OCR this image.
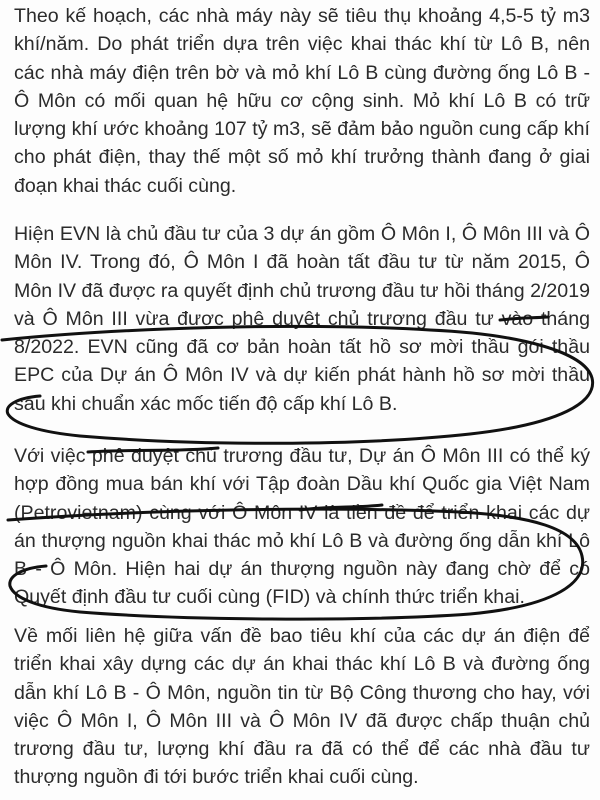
Theo kế hoạch, các nhà máy này sẽ tiêu thụ khoảng 4,5-5 tỷ m3 khí/năm. Do phát triển dựa trên việc khai thác khí từ Lô B, nên các nhà máy điện trên bờ và mỏ khí Lô B cùng đường ống Lô B - Ô Môn có mối quan hệ hữu cơ cộng sinh. Mỏ khí Lô B có trữ lượng khí ước khoảng 107 tỷ m3, sẽ đảm bảo nguồn cung cấp khí cho phát điện, thay thế một số mỏ khí trưởng thành đang ở giai đoạn khai thác cuối cùng.

Hiện EVN là chủ đầu tư của 3 dự án gồm Ô Môn I, Ô Môn III và Ô Môn IV. Trong đó, Ô Môn I đã hoàn tất đầu tư từ năm 2015, Ô Môn IV đã được ra quyết định chủ trương đầu tư hồi tháng 2/2019 và Ô Môn III vừa được phê duyệt chủ trương đầu tư vào tháng 8/2022. EVN cũng đã cơ bản hoàn tất hồ sơ mời thầu gói thầu EPC của Dự án Ô Môn IV và dự kiến phát hành hồ sơ mời thầu sau khi chuẩn xác mốc tiến độ cấp khí Lô B.

Với việc phê duyệt chủ trương đầu tư, Dự án Ô Môn III có thể ký hợp đồng mua bán khí với Tập đoàn Dầu khí Quốc gia Việt Nam (Petrovietnam) cùng với Ô Môn IV là tiền đề để triển khai các dự án thượng nguồn khai thác mỏ khí Lô B và đường ống dẫn khí Lô B - Ô Môn. Hiện hai dự án thượng nguồn này đang chờ để có Quyết định đầu tư cuối cùng (FID) và chính thức triển khai.

Về mối liên hệ giữa vấn đề bao tiêu khí của các dự án điện để triển khai xây dựng các dự án khai thác khí Lô B và đường ống dẫn khí Lô B - Ô Môn, nguồn tin từ Bộ Công thương cho hay, với việc Ô Môn I, Ô Môn III và Ô Môn IV đã được chấp thuận chủ trương đầu tư, lượng khí đầu ra đã có thể để các nhà đầu tư thượng nguồn đi tới bước triển khai cuối cùng.
